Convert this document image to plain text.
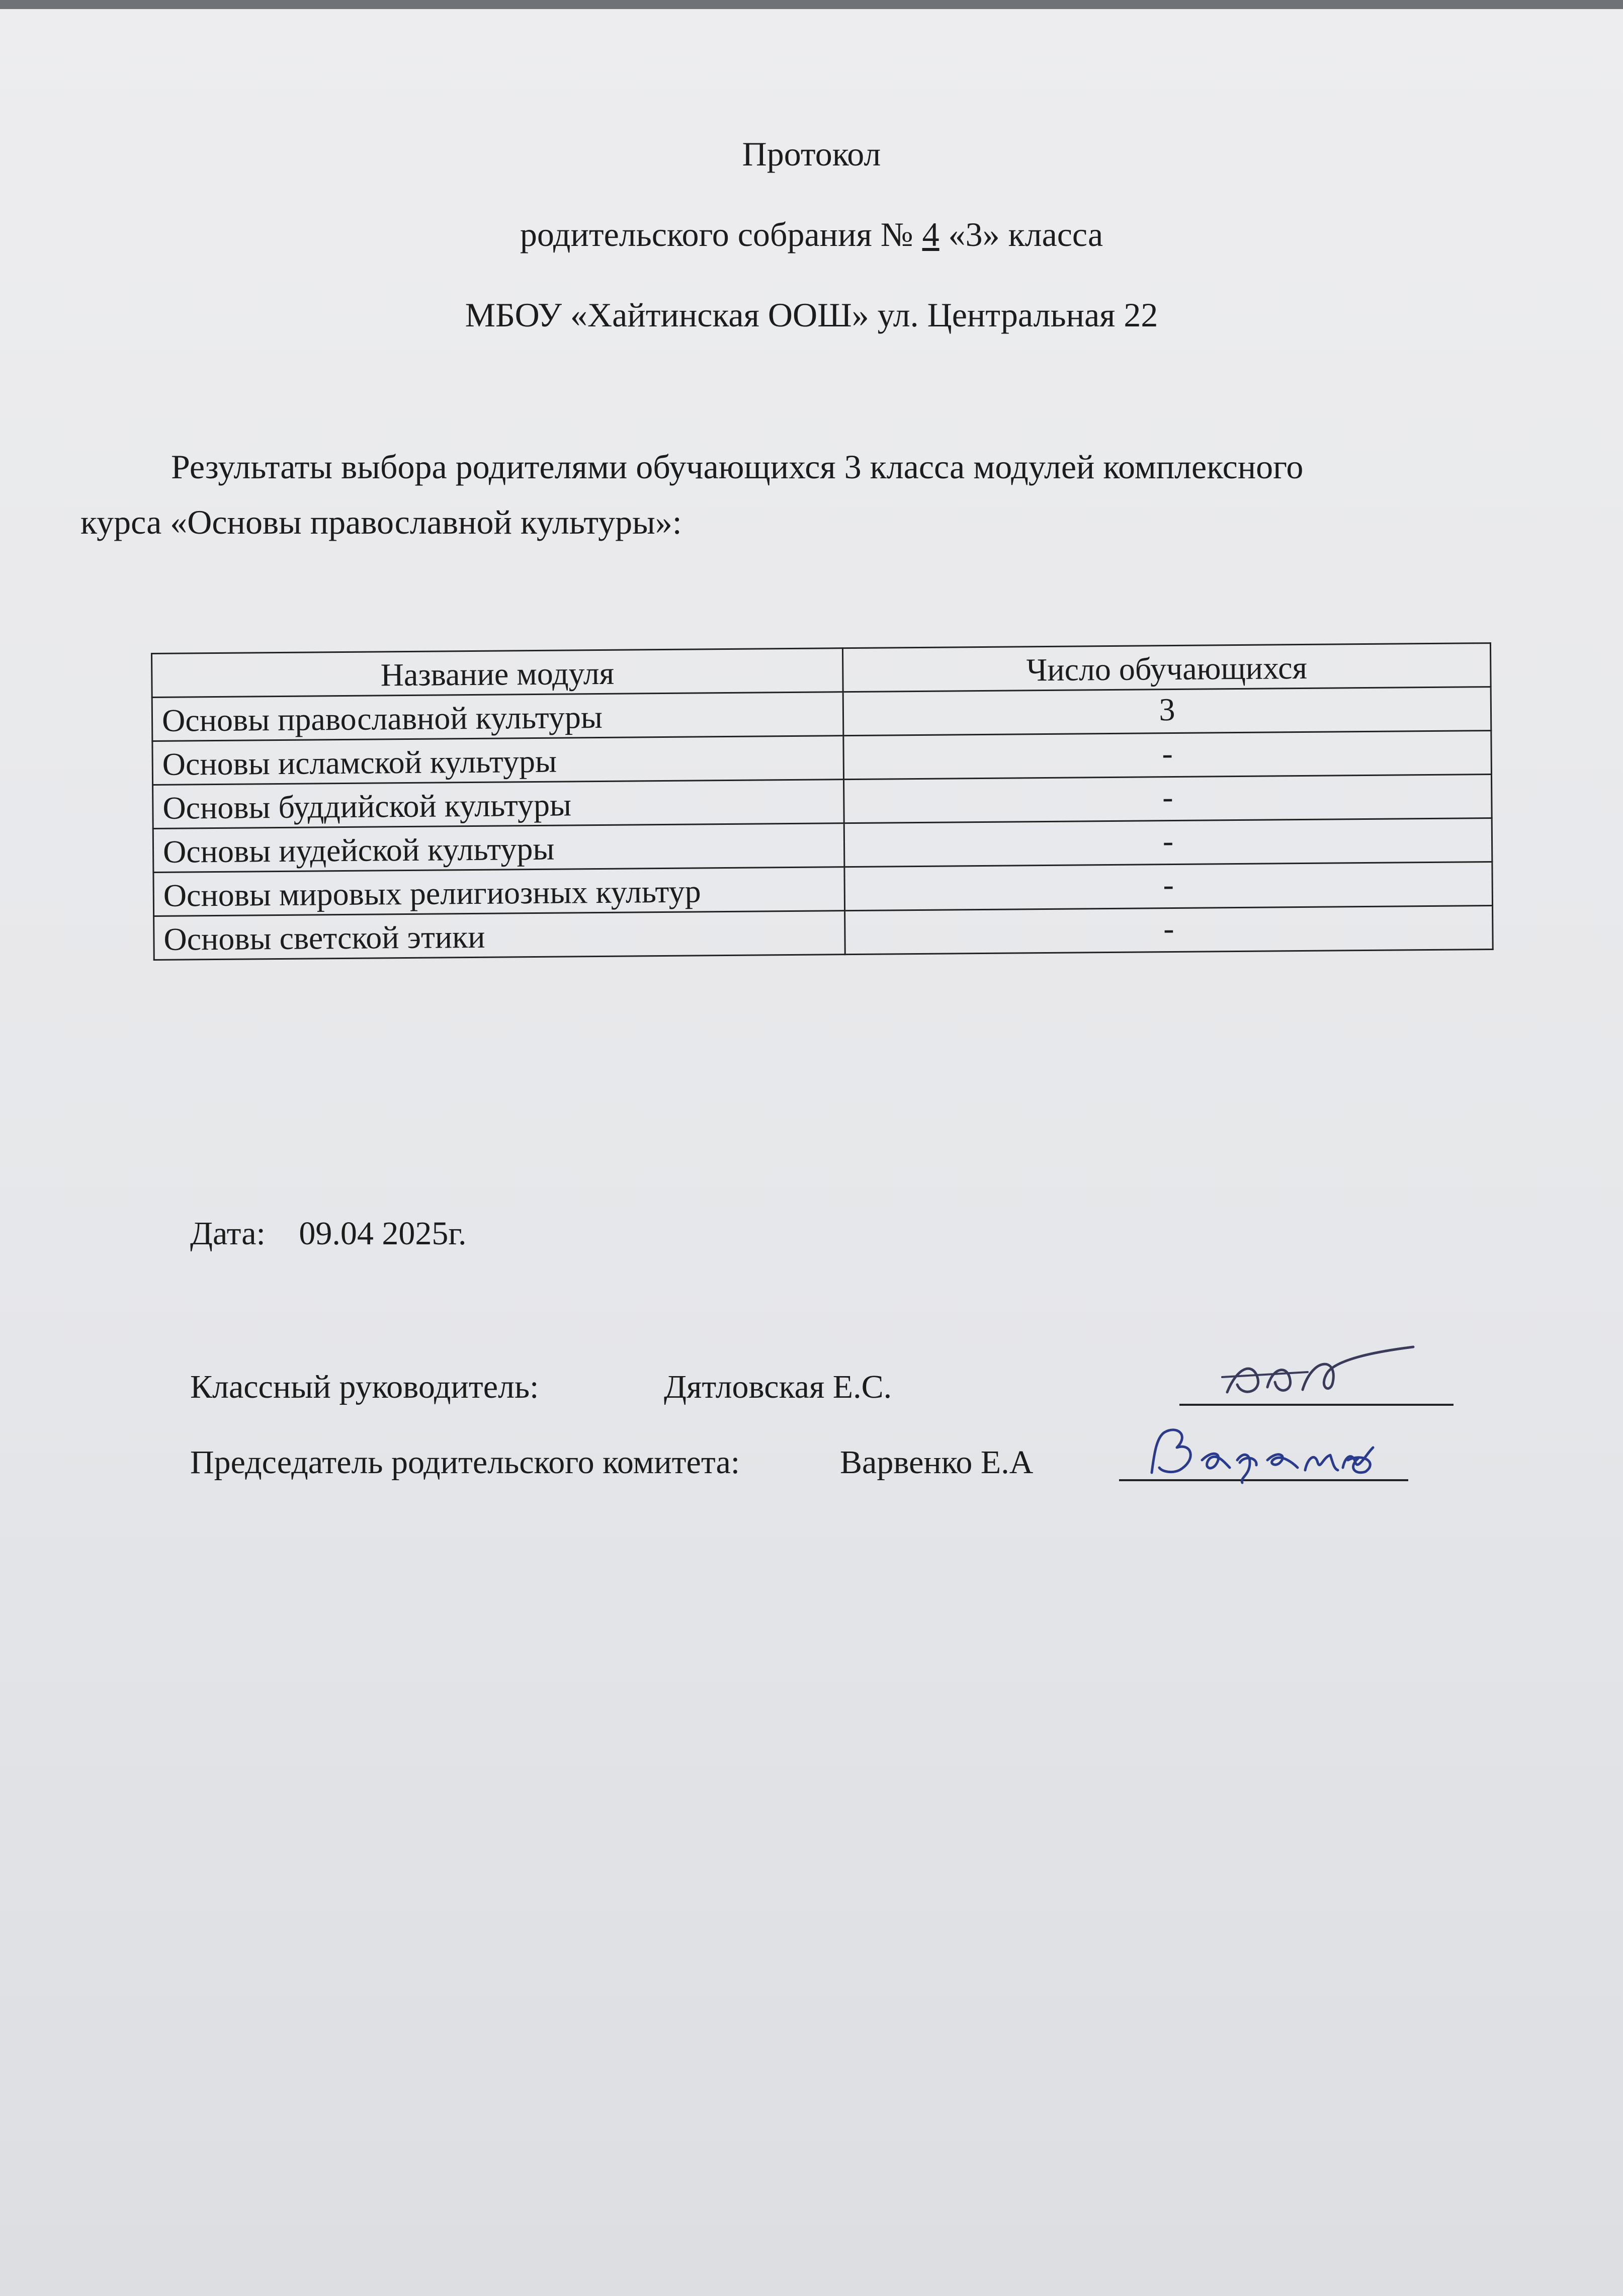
Протокол
родительского собрания № 4 «3» класса
МБОУ «Хайтинская ООШ» ул. Центральная 22
Результаты выбора родителями обучающихся 3 класса модулей комплексного
курса «Основы православной культуры»:
Название модуля	Число обучающихся
Основы православной культуры	3
Основы исламской культуры	-
Основы буддийской культуры	-
Основы иудейской культуры	-
Основы мировых религиозных культур	-
Основы светской этики	-
Дата: 09.04 2025г.
Классный руководитель:	Дятловская Е.С.
Председатель родительского комитета:	Варвенко Е.А
